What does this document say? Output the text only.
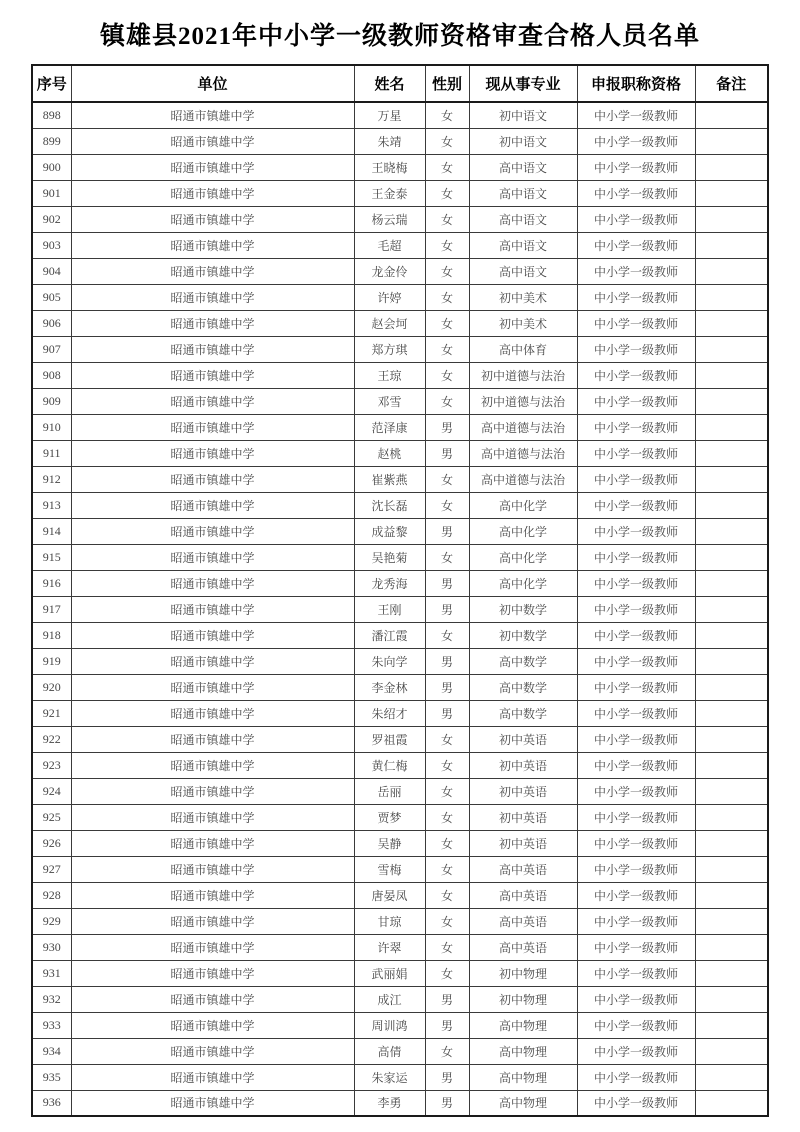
镇雄县2021年中小学一级教师资格审查合格人员名单
序号	单位	姓名	性别	现从事专业	申报职称资格	备注
898	昭通市镇雄中学	万星	女	初中语文	中小学一级教师	
899	昭通市镇雄中学	朱靖	女	初中语文	中小学一级教师	
900	昭通市镇雄中学	王晓梅	女	高中语文	中小学一级教师	
901	昭通市镇雄中学	王金泰	女	高中语文	中小学一级教师	
902	昭通市镇雄中学	杨云瑞	女	高中语文	中小学一级教师	
903	昭通市镇雄中学	毛超	女	高中语文	中小学一级教师	
904	昭通市镇雄中学	龙金伶	女	高中语文	中小学一级教师	
905	昭通市镇雄中学	许婷	女	初中美术	中小学一级教师	
906	昭通市镇雄中学	赵会坷	女	初中美术	中小学一级教师	
907	昭通市镇雄中学	郑方琪	女	高中体育	中小学一级教师	
908	昭通市镇雄中学	王琼	女	初中道德与法治	中小学一级教师	
909	昭通市镇雄中学	邓雪	女	初中道德与法治	中小学一级教师	
910	昭通市镇雄中学	范泽康	男	高中道德与法治	中小学一级教师	
911	昭通市镇雄中学	赵桃	男	高中道德与法治	中小学一级教师	
912	昭通市镇雄中学	崔紫燕	女	高中道德与法治	中小学一级教师	
913	昭通市镇雄中学	沈长磊	女	高中化学	中小学一级教师	
914	昭通市镇雄中学	成益黎	男	高中化学	中小学一级教师	
915	昭通市镇雄中学	吴艳菊	女	高中化学	中小学一级教师	
916	昭通市镇雄中学	龙秀海	男	高中化学	中小学一级教师	
917	昭通市镇雄中学	王刚	男	初中数学	中小学一级教师	
918	昭通市镇雄中学	潘江霞	女	初中数学	中小学一级教师	
919	昭通市镇雄中学	朱向学	男	高中数学	中小学一级教师	
920	昭通市镇雄中学	李金林	男	高中数学	中小学一级教师	
921	昭通市镇雄中学	朱绍才	男	高中数学	中小学一级教师	
922	昭通市镇雄中学	罗祖霞	女	初中英语	中小学一级教师	
923	昭通市镇雄中学	黄仁梅	女	初中英语	中小学一级教师	
924	昭通市镇雄中学	岳丽	女	初中英语	中小学一级教师	
925	昭通市镇雄中学	贾梦	女	初中英语	中小学一级教师	
926	昭通市镇雄中学	吴静	女	初中英语	中小学一级教师	
927	昭通市镇雄中学	雪梅	女	高中英语	中小学一级教师	
928	昭通市镇雄中学	唐晏凤	女	高中英语	中小学一级教师	
929	昭通市镇雄中学	甘琼	女	高中英语	中小学一级教师	
930	昭通市镇雄中学	许翠	女	高中英语	中小学一级教师	
931	昭通市镇雄中学	武丽娟	女	初中物理	中小学一级教师	
932	昭通市镇雄中学	成江	男	初中物理	中小学一级教师	
933	昭通市镇雄中学	周训鸿	男	高中物理	中小学一级教师	
934	昭通市镇雄中学	高倩	女	高中物理	中小学一级教师	
935	昭通市镇雄中学	朱家运	男	高中物理	中小学一级教师	
936	昭通市镇雄中学	李勇	男	高中物理	中小学一级教师	
